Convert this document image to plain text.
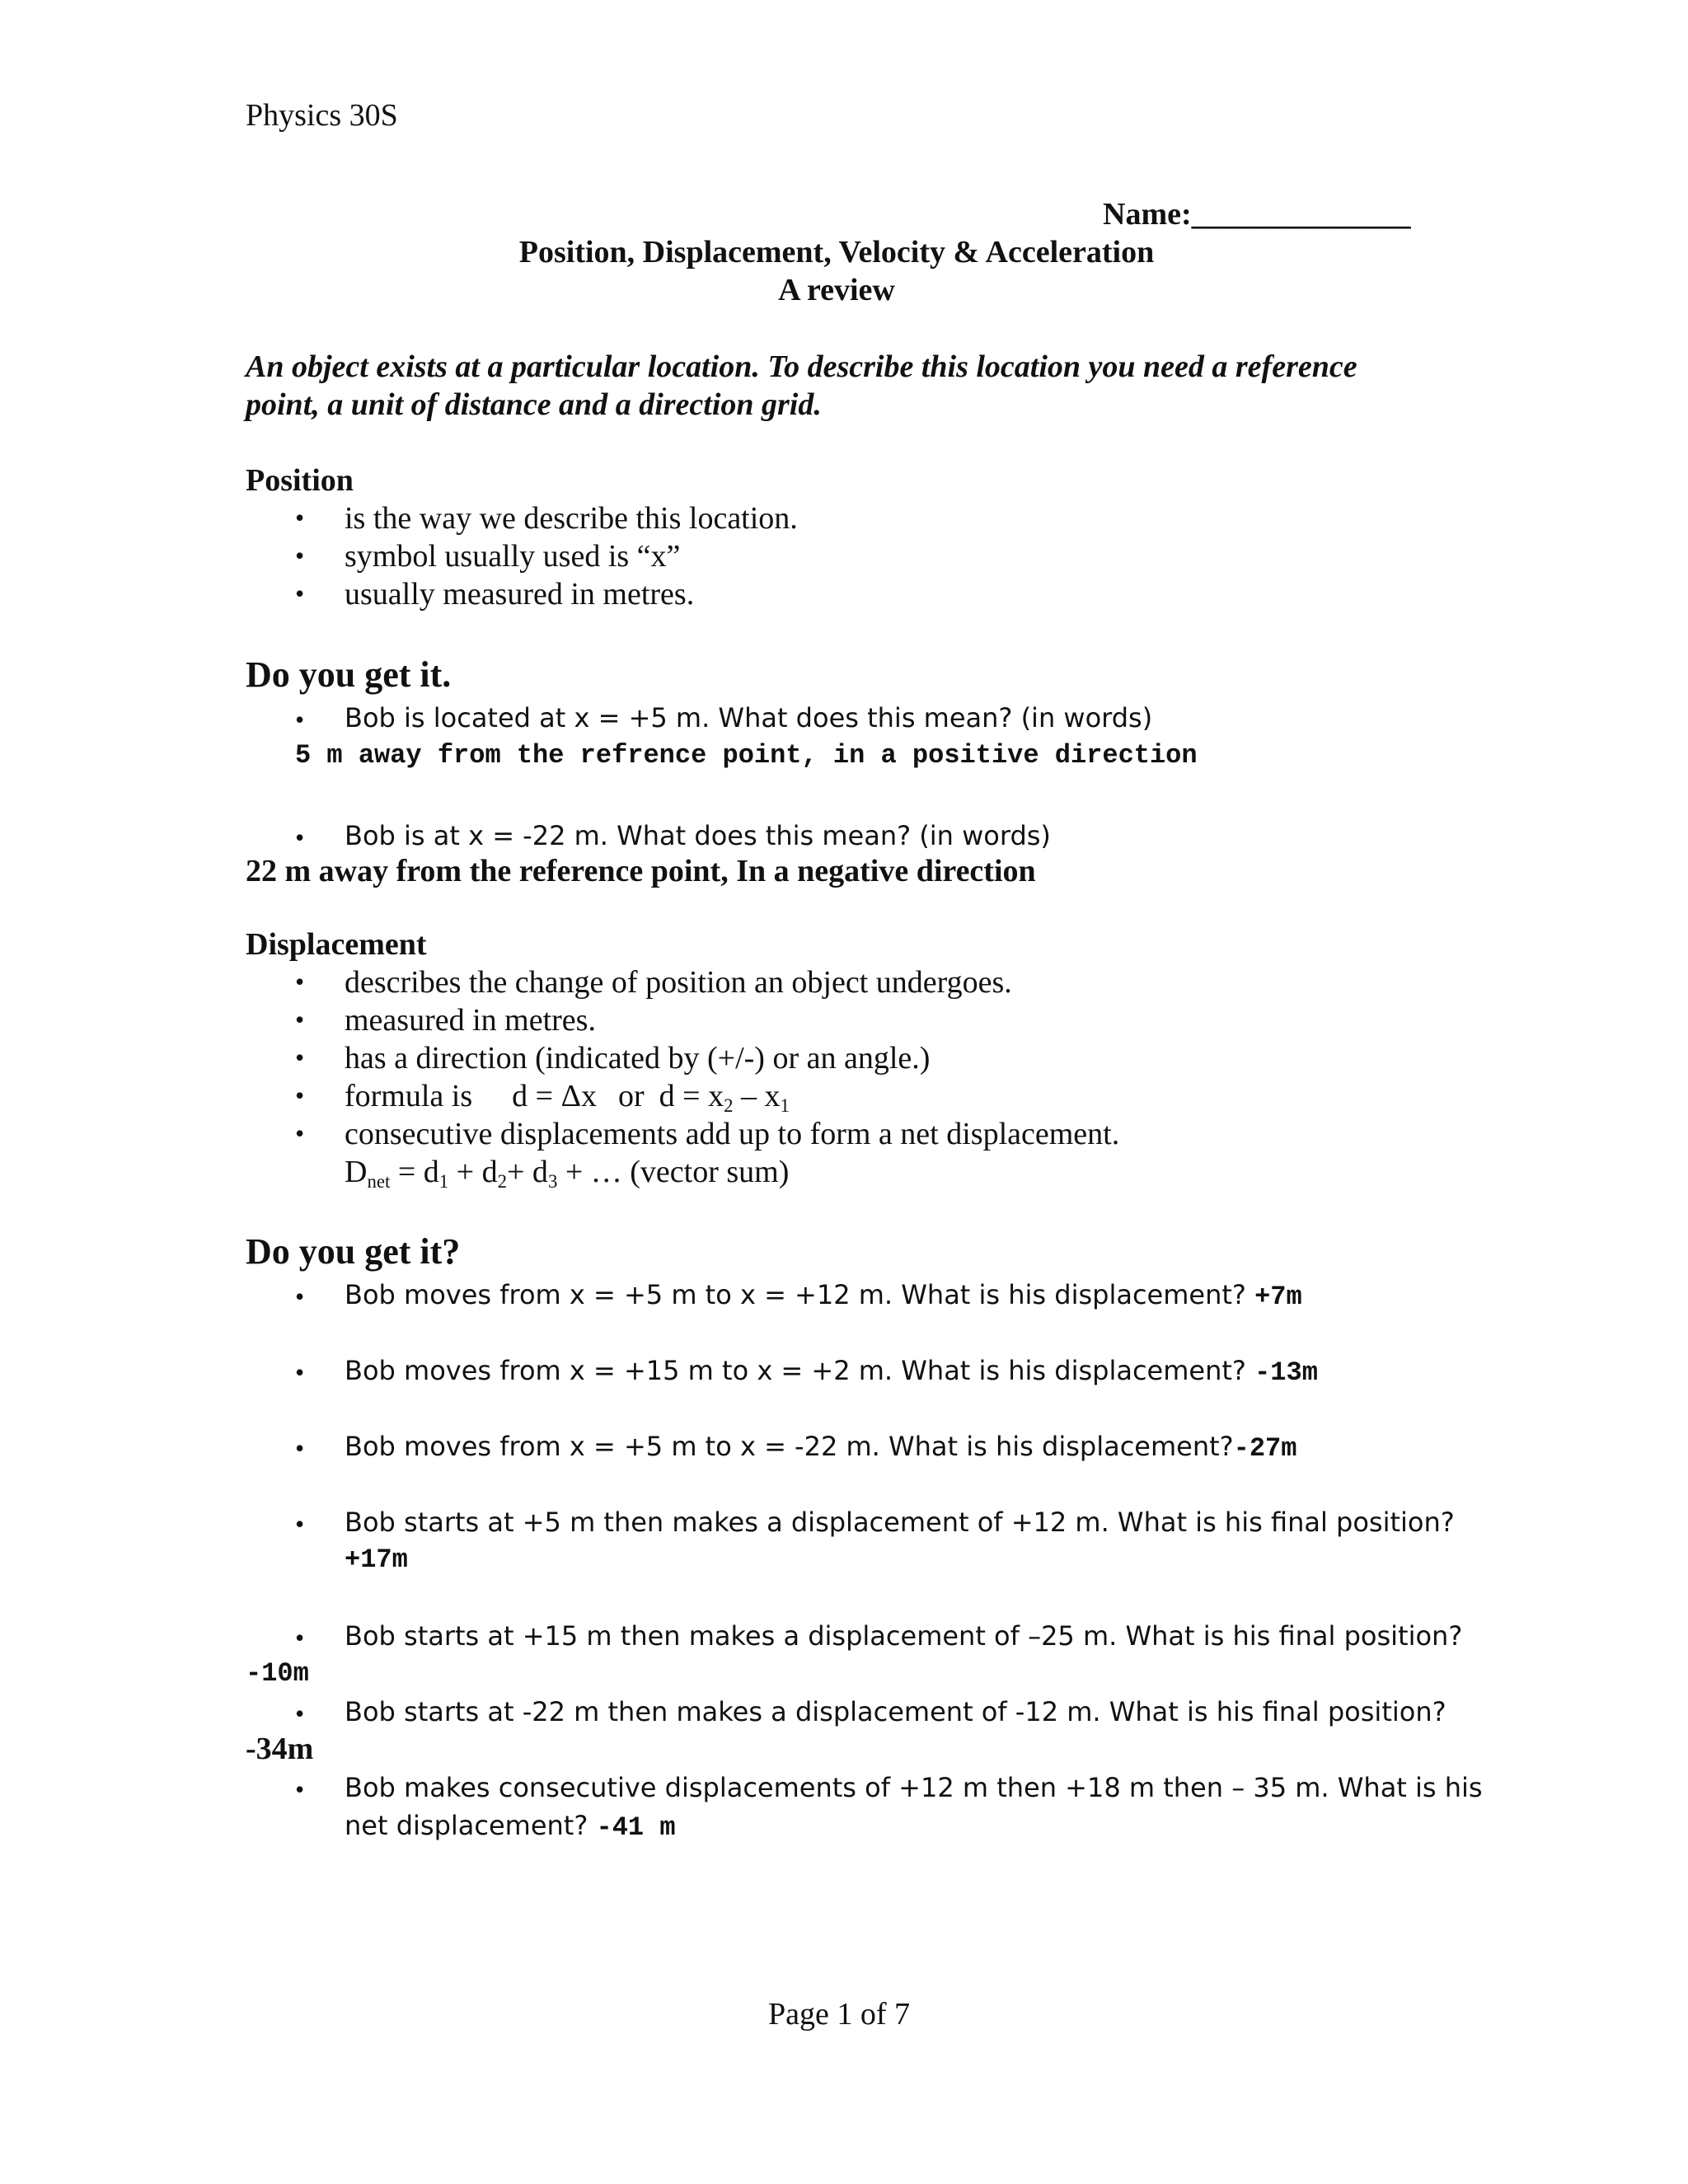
Physics 30S
Name:______________
Position, Displacement, Velocity & Acceleration
A review
An object exists at a particular location. To describe this location you need a reference
point, a unit of distance and a direction grid.
Position
• is the way we describe this location.
• symbol usually used is “x”
• usually measured in metres.
Do you get it.
• Bob is located at x = +5 m. What does this mean? (in words)
5 m away from the refrence point, in a positive direction
• Bob is at x = -22 m. What does this mean? (in words)
22 m away from the reference point, In a negative direction
Displacement
• describes the change of position an object undergoes.
• measured in metres.
• has a direction (indicated by (+/-) or an angle.)
• formula is d = Δx or $d = x_2 - x_1$
• consecutive displacements add up to form a net displacement.
$D_{net} = d_1 + d_2+ d_3$ + … (vector sum)
Do you get it?
• Bob moves from x = +5 m to x = +12 m. What is his displacement? +7m
• Bob moves from x = +15 m to x = +2 m. What is his displacement? -13m
• Bob moves from x = +5 m to x = -22 m. What is his displacement?-27m
• Bob starts at +5 m then makes a displacement of +12 m. What is his final position?
+17m
• Bob starts at +15 m then makes a displacement of –25 m. What is his final position?
-10m
• Bob starts at -22 m then makes a displacement of -12 m. What is his final position?
-34m
• Bob makes consecutive displacements of +12 m then +18 m then – 35 m. What is his
net displacement? -41 m
Page 1 of 7
